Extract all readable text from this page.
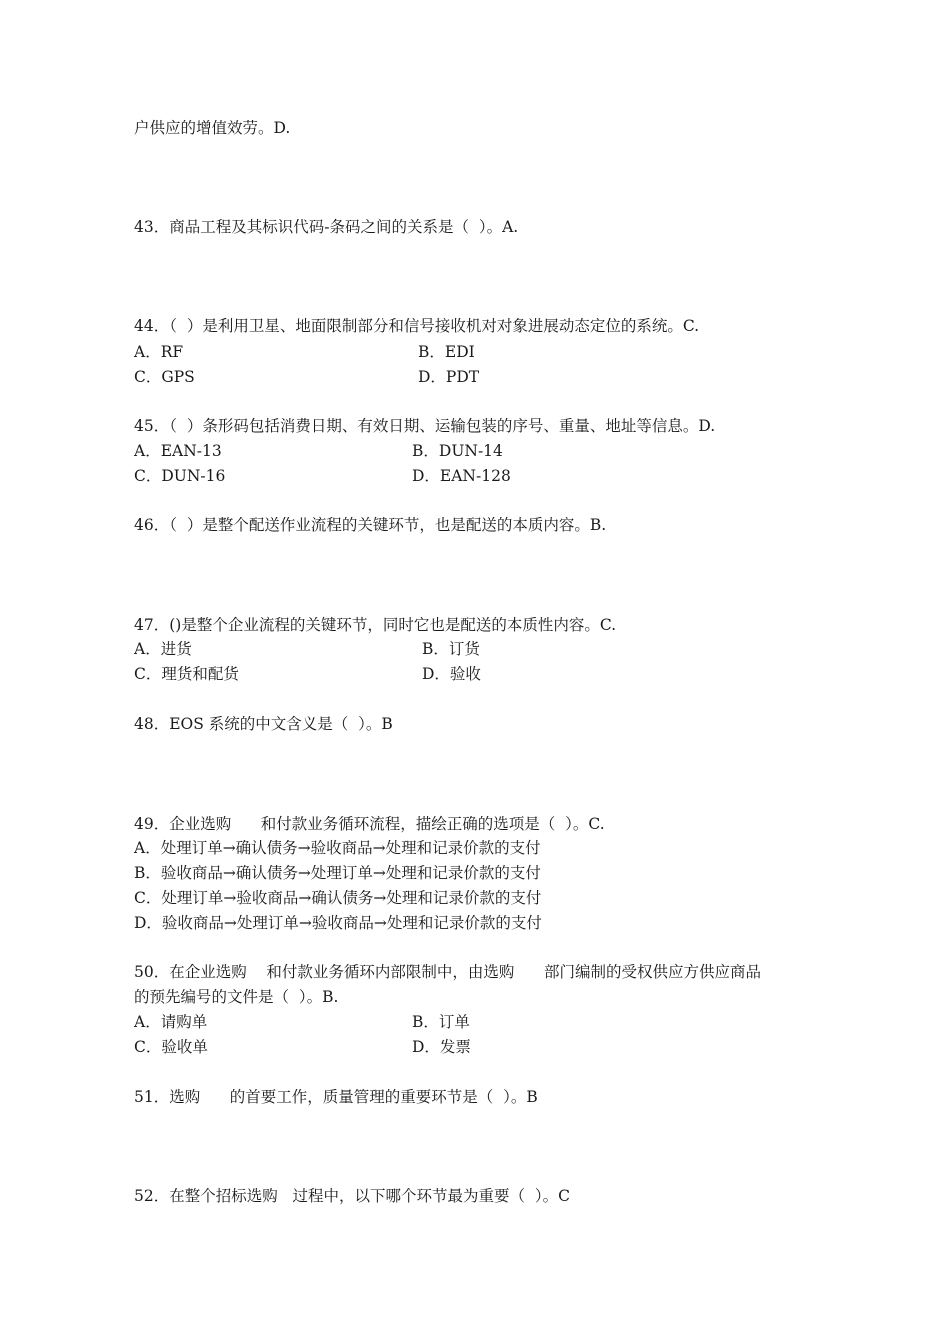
户供应的增值效劳。D.
43．商品工程及其标识代码-条码之间的关系是（  ）。A.
44．（  ）是利用卫星、地面限制部分和信号接收机对对象进展动态定位的系统。C.
A．RF	B．EDI
C．GPS	D．PDT
45．（  ）条形码包括消费日期、有效日期、运输包装的序号、重量、地址等信息。D.
A．EAN-13	B．DUN-14
C．DUN-16	D．EAN-128
46．（  ）是整个配送作业流程的关键环节，也是配送的本质内容。B.
47．()是整个企业流程的关键环节，同时它也是配送的本质性内容。C.
A．进货	B．订货
C．理货和配货	D．验收
48．EOS 系统的中文含义是（  ）。B
49．企业选购      和付款业务循环流程，描绘正确的选项是（  ）。C.
A．处理订单→确认债务→验收商品→处理和记录价款的支付
B．验收商品→确认债务→处理订单→处理和记录价款的支付
C．处理订单→验收商品→确认债务→处理和记录价款的支付
D．验收商品→处理订单→验收商品→处理和记录价款的支付
50．在企业选购    和付款业务循环内部限制中，由选购      部门编制的受权供应方供应商品
的预先编号的文件是（  ）。B.
A．请购单	B．订单
C．验收单	D．发票
51．选购      的首要工作，质量管理的重要环节是（  ）。B
52．在整个招标选购   过程中，以下哪个环节最为重要（  ）。C
